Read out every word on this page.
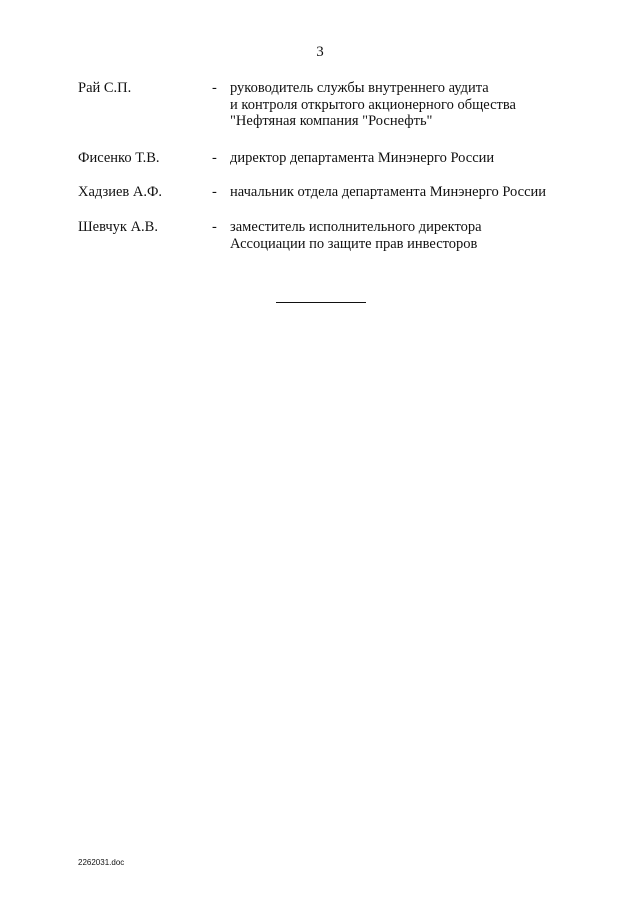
3
Рай С.П.	- руководитель службы внутреннего аудита
и контроля открытого акционерного общества
"Нефтяная компания "Роснефть"
Фисенко Т.В.	- директор департамента Минэнерго России
Хадзиев А.Ф.	- начальник отдела департамента Минэнерго России
Шевчук А.В.	- заместитель исполнительного директора
Ассоциации по защите прав инвесторов
2262031.doc
